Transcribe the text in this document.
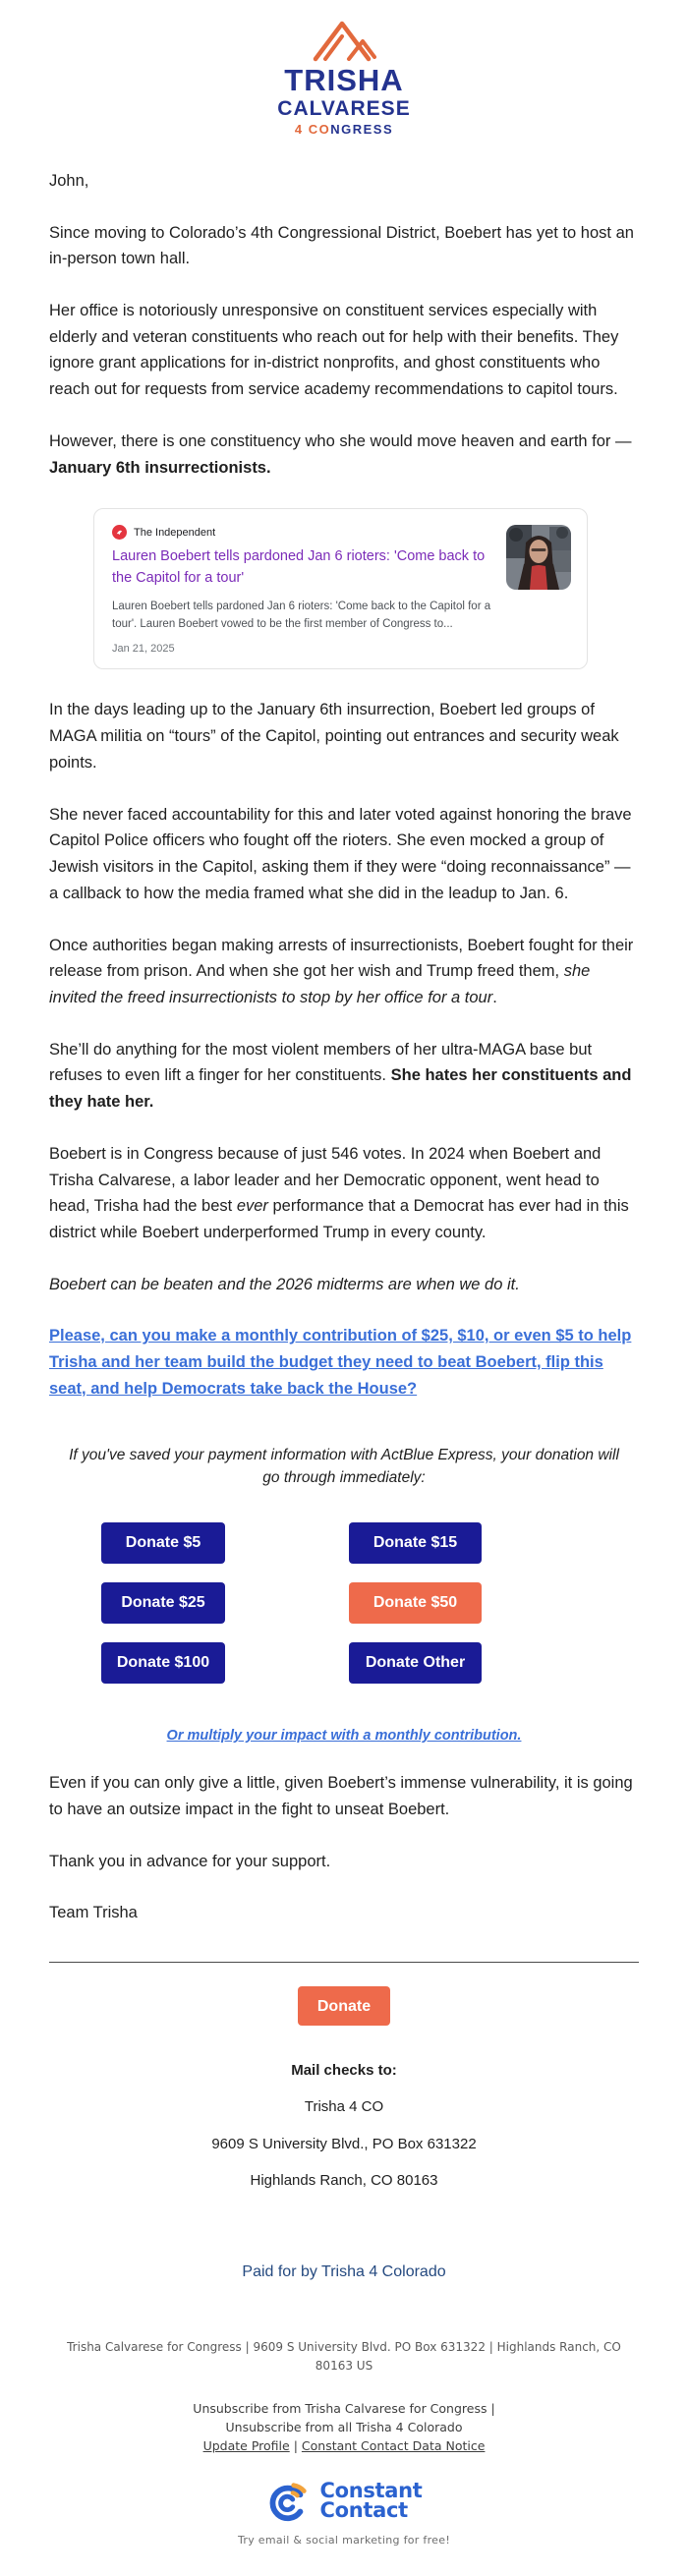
TRISHA
CALVARESE
4 CONGRESS

John,

Since moving to Colorado’s 4th Congressional District, Boebert has yet to host an in-person town hall.

Her office is notoriously unresponsive on constituent services especially with elderly and veteran constituents who reach out for help with their benefits. They ignore grant applications for in-district nonprofits, and ghost constituents who reach out for requests from service academy recommendations to capitol tours.

However, there is one constituency who she would move heaven and earth for — January 6th insurrectionists.

The Independent
Lauren Boebert tells pardoned Jan 6 rioters: 'Come back to the Capitol for a tour'
Lauren Boebert tells pardoned Jan 6 rioters: 'Come back to the Capitol for a tour'. Lauren Boebert vowed to be the first member of Congress to...
Jan 21, 2025

In the days leading up to the January 6th insurrection, Boebert led groups of MAGA militia on “tours” of the Capitol, pointing out entrances and security weak points.

She never faced accountability for this and later voted against honoring the brave Capitol Police officers who fought off the rioters. She even mocked a group of Jewish visitors in the Capitol, asking them if they were “doing reconnaissance” — a callback to how the media framed what she did in the leadup to Jan. 6.

Once authorities began making arrests of insurrectionists, Boebert fought for their release from prison. And when she got her wish and Trump freed them, she invited the freed insurrectionists to stop by her office for a tour.

She’ll do anything for the most violent members of her ultra-MAGA base but refuses to even lift a finger for her constituents. She hates her constituents and they hate her.

Boebert is in Congress because of just 546 votes. In 2024 when Boebert and Trisha Calvarese, a labor leader and her Democratic opponent, went head to head, Trisha had the best ever performance that a Democrat has ever had in this district while Boebert underperformed Trump in every county.

Boebert can be beaten and the 2026 midterms are when we do it.

Please, can you make a monthly contribution of $25, $10, or even $5 to help Trisha and her team build the budget they need to beat Boebert, flip this seat, and help Democrats take back the House?

If you've saved your payment information with ActBlue Express, your donation will go through immediately:
Donate $5	Donate $15
Donate $25	Donate $50
Donate $100	Donate Other
Or multiply your impact with a monthly contribution.

Even if you can only give a little, given Boebert’s immense vulnerability, it is going to have an outsize impact in the fight to unseat Boebert.

Thank you in advance for your support.

Team Trisha

Donate
Mail checks to:
Trisha 4 CO
9609 S University Blvd., PO Box 631322
Highlands Ranch, CO 80163
Paid for by Trisha 4 Colorado
Trisha Calvarese for Congress | 9609 S University Blvd. PO Box 631322 | Highlands Ranch, CO 80163 US
Unsubscribe from Trisha Calvarese for Congress |
Unsubscribe from all Trisha 4 Colorado
Update Profile | Constant Contact Data Notice
Constant
Contact
Try email & social marketing for free!
